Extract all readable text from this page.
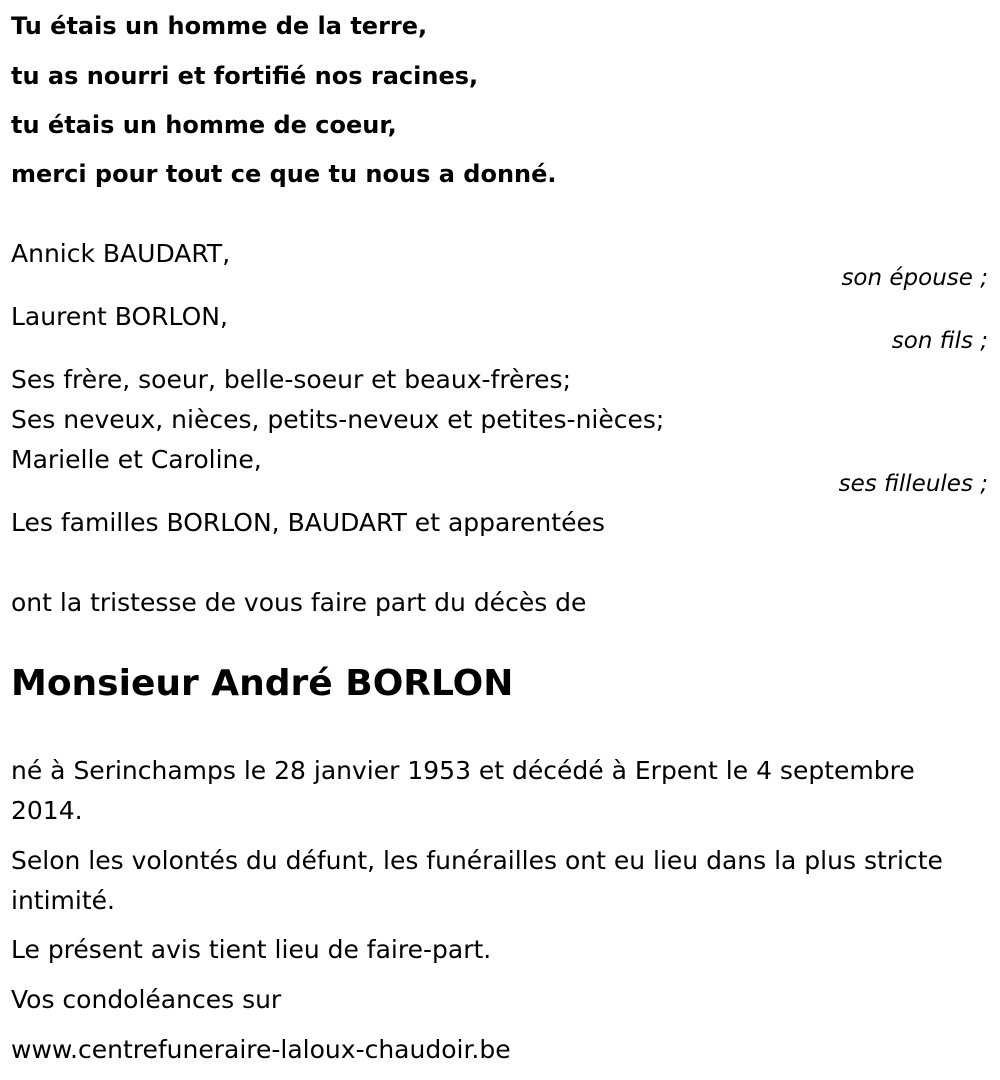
Tu étais un homme de la terre,
tu as nourri et fortifié nos racines,
tu étais un homme de coeur,
merci pour tout ce que tu nous a donné.
Annick BAUDART,
son épouse ;
Laurent BORLON,
son fils ;
Ses frère, soeur, belle-soeur et beaux-frères;
Ses neveux, nièces, petits-neveux et petites-nièces;
Marielle et Caroline,
ses filleules ;
Les familles BORLON, BAUDART et apparentées
ont la tristesse de vous faire part du décès de
Monsieur André BORLON
né à Serinchamps le 28 janvier 1953 et décédé à Erpent le 4 septembre 2014.
Selon les volontés du défunt, les funérailles ont eu lieu dans la plus stricte intimité.
Le présent avis tient lieu de faire-part.
Vos condoléances sur
www.centrefuneraire-laloux-chaudoir.be
